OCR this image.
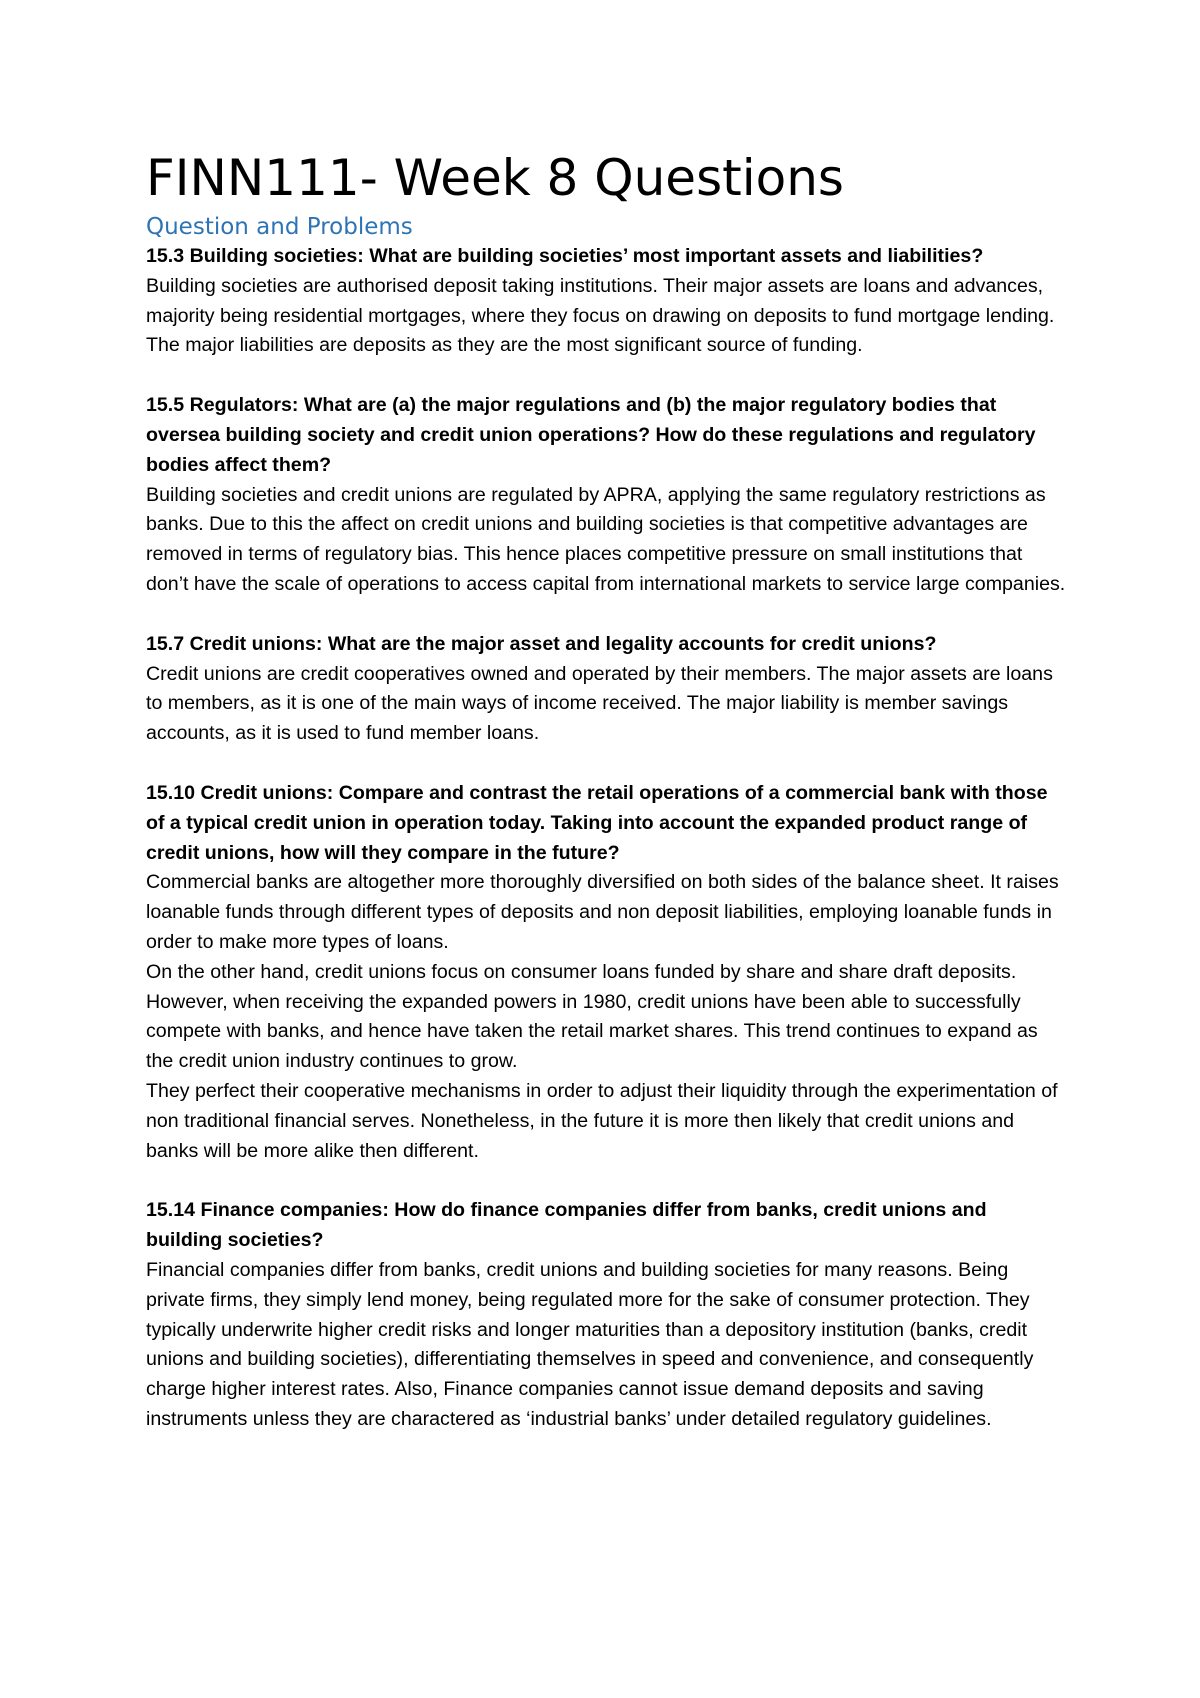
FINN111- Week 8 Questions
Question and Problems

15.3 Building societies: What are building societies’ most important assets and liabilities?

Building societies are authorised deposit taking institutions. Their major assets are loans and advances, majority being residential mortgages, where they focus on drawing on deposits to fund mortgage lending. The major liabilities are deposits as they are the most significant source of funding.

15.5 Regulators: What are (a) the major regulations and (b) the major regulatory bodies that oversea building society and credit union operations? How do these regulations and regulatory bodies affect them?

Building societies and credit unions are regulated by APRA, applying the same regulatory restrictions as banks. Due to this the affect on credit unions and building societies is that competitive advantages are removed in terms of regulatory bias. This hence places competitive pressure on small institutions that don’t have the scale of operations to access capital from international markets to service large companies.

15.7 Credit unions: What are the major asset and legality accounts for credit unions?

Credit unions are credit cooperatives owned and operated by their members. The major assets are loans to members, as it is one of the main ways of income received. The major liability is member savings accounts, as it is used to fund member loans.

15.10 Credit unions: Compare and contrast the retail operations of a commercial bank with those of a typical credit union in operation today. Taking into account the expanded product range of credit unions, how will they compare in the future?

Commercial banks are altogether more thoroughly diversified on both sides of the balance sheet. It raises loanable funds through different types of deposits and non deposit liabilities, employing loanable funds in order to make more types of loans.

On the other hand, credit unions focus on consumer loans funded by share and share draft deposits. However, when receiving the expanded powers in 1980, credit unions have been able to successfully compete with banks, and hence have taken the retail market shares. This trend continues to expand as the credit union industry continues to grow.

They perfect their cooperative mechanisms in order to adjust their liquidity through the experimentation of non traditional financial serves. Nonetheless, in the future it is more then likely that credit unions and banks will be more alike then different.

15.14 Finance companies: How do finance companies differ from banks, credit unions and building societies?

Financial companies differ from banks, credit unions and building societies for many reasons. Being private firms, they simply lend money, being regulated more for the sake of consumer protection. They typically underwrite higher credit risks and longer maturities than a depository institution (banks, credit unions and building societies), differentiating themselves in speed and convenience, and consequently charge higher interest rates. Also, Finance companies cannot issue demand deposits and saving instruments unless they are charactered as ‘industrial banks’ under detailed regulatory guidelines.
